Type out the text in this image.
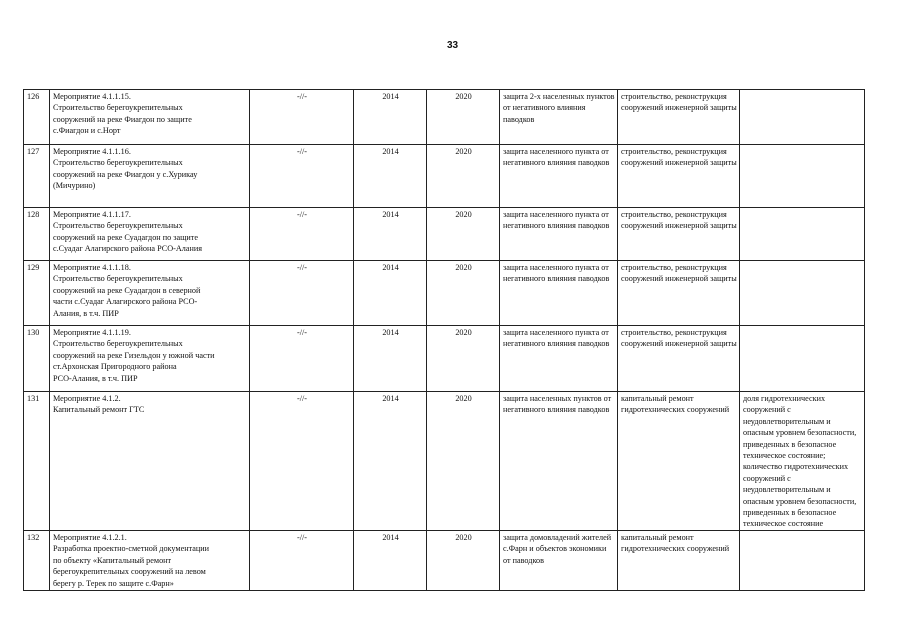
33
126	Мероприятие 4.1.1.15.
Строительство берегоукрепительных
сооружений на реке Фиагдон по защите
с.Фиагдон и с.Норт	-//-	2014	2020	защита 2-х населенных пунктов от негативного влияния паводков	строительство, реконструкция сооружений инженерной защиты	
127	Мероприятие 4.1.1.16.
Строительство берегоукрепительных
сооружений на реке Фиагдон у с.Хурикау
(Мичурино)	-//-	2014	2020	защита населенного пункта от негативного влияния паводков	строительство, реконструкция сооружений инженерной защиты	
128	Мероприятие 4.1.1.17.
Строительство берегоукрепительных
сооружений на реке Суадагдон по защите
с.Суадаг Алагирского района РСО-Алания	-//-	2014	2020	защита населенного пункта от негативного влияния паводков	строительство, реконструкция сооружений инженерной защиты	
129	Мероприятие 4.1.1.18.
Строительство берегоукрепительных
сооружений на реке Суадагдон в северной
части с.Суадаг Алагирского района РСО-
Алания, в т.ч. ПИР	-//-	2014	2020	защита населенного пункта от негативного влияния паводков	строительство, реконструкция сооружений инженерной защиты	
130	Мероприятие 4.1.1.19.
Строительство берегоукрепительных
сооружений на реке Гизельдон у южной части
ст.Архонская Пригородного района
РСО-Алания, в т.ч. ПИР	-//-	2014	2020	защита населенного пункта от негативного влияния паводков	строительство, реконструкция сооружений инженерной защиты	
131	Мероприятие 4.1.2.
Капитальный ремонт ГТС	-//-	2014	2020	защита населенных пунктов от негативного влияния паводков	капитальный ремонт гидротехнических сооружений	доля гидротехнических сооружений с неудовлетворительным и опасным уровнем безопасности, приведенных в безопасное техническое состояние; количество гидротехнических сооружений с неудовлетворительным и опасным уровнем безопасности, приведенных в безопасное техническое состояние
132	Мероприятие 4.1.2.1.
Разработка проектно-сметной документации
по объекту «Капитальный ремонт
берегоукрепительных сооружений на левом
берегу р. Терек по защите с.Фарн»	-//-	2014	2020	защита домовладений жителей с.Фарн и объектов экономики от паводков	капитальный ремонт гидротехнических сооружений	
